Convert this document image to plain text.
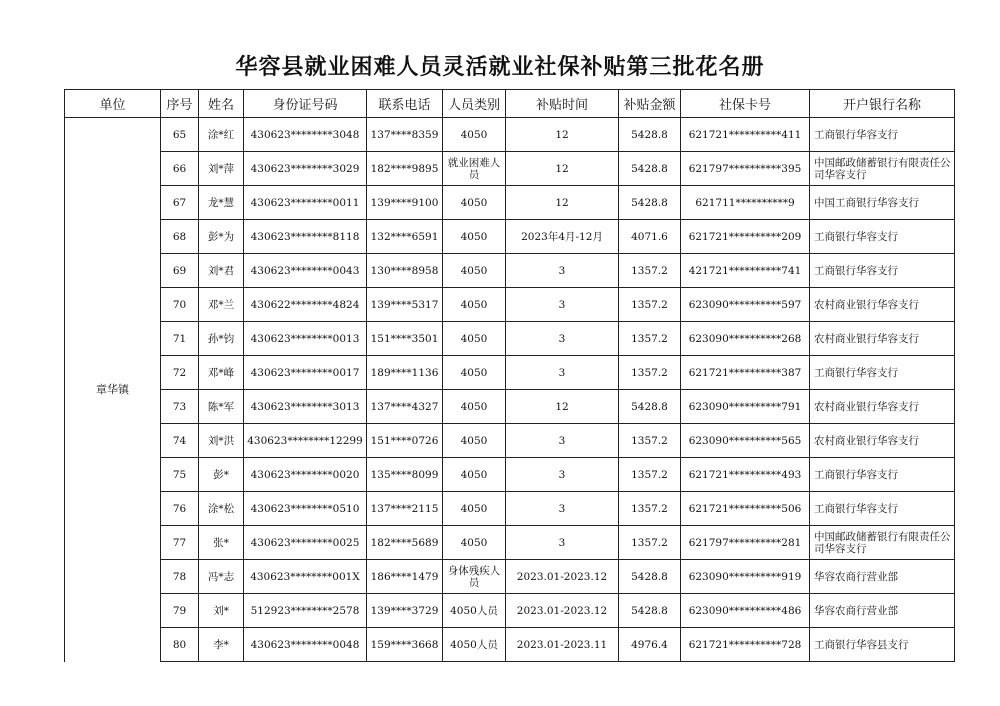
华容县就业困难人员灵活就业社保补贴第三批花名册
单位	序号	姓名	身份证号码	联系电话	人员类别	补贴时间	补贴金额	社保卡号	开户银行名称
章华镇	65	涂*红	430623********3048	137****8359	4050	12	5428.8	621721**********411	工商银行华容支行
	66	刘*萍	430623********3029	182****9895	就业困难人员	12	5428.8	621797**********395	中国邮政储蓄银行有限责任公司华容支行
	67	龙*慧	430623********0011	139****9100	4050	12	5428.8	621711**********9	中国工商银行华容支行
	68	彭*为	430623********8118	132****6591	4050	2023年4月-12月	4071.6	621721**********209	工商银行华容支行
	69	刘*君	430623********0043	130****8958	4050	3	1357.2	421721**********741	工商银行华容支行
	70	邓*兰	430622********4824	139****5317	4050	3	1357.2	623090**********597	农村商业银行华容支行
	71	孙*钧	430623********0013	151****3501	4050	3	1357.2	623090**********268	农村商业银行华容支行
	72	邓*峰	430623********0017	189****1136	4050	3	1357.2	621721**********387	工商银行华容支行
	73	陈*军	430623********3013	137****4327	4050	12	5428.8	623090**********791	农村商业银行华容支行
	74	刘*洪	430623********12299	151****0726	4050	3	1357.2	623090**********565	农村商业银行华容支行
	75	彭*	430623********0020	135****8099	4050	3	1357.2	621721**********493	工商银行华容支行
	76	涂*松	430623********0510	137****2115	4050	3	1357.2	621721**********506	工商银行华容支行
	77	张*	430623********0025	182****5689	4050	3	1357.2	621797**********281	中国邮政储蓄银行有限责任公司华容支行
	78	冯*志	430623********001X	186****1479	身体残疾人员	2023.01-2023.12	5428.8	623090**********919	华容农商行营业部
	79	刘*	512923********2578	139****3729	4050人员	2023.01-2023.12	5428.8	623090**********486	华容农商行营业部
	80	李*	430623********0048	159****3668	4050人员	2023.01-2023.11	4976.4	621721**********728	工商银行华容县支行
